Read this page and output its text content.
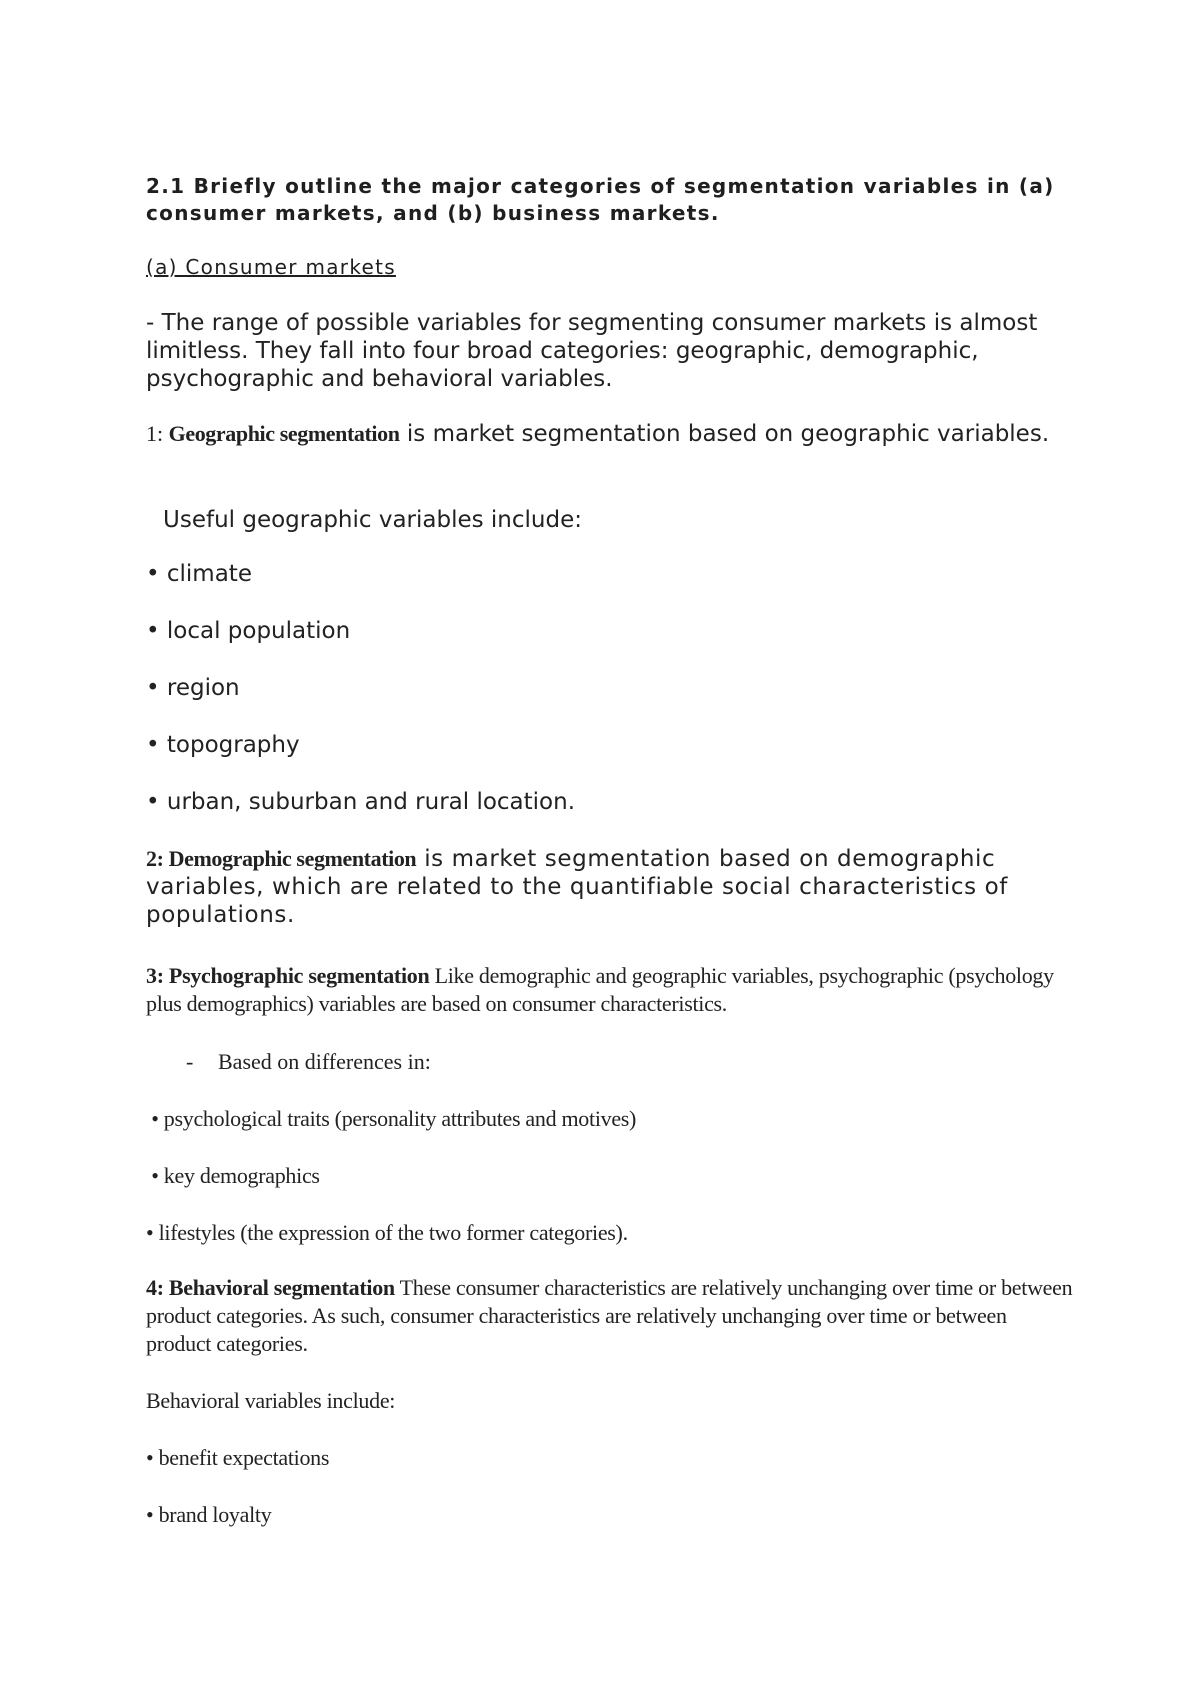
2.1 Briefly outline the major categories of segmentation variables in (a) consumer markets, and (b) business markets.

(a) Consumer markets

- The range of possible variables for segmenting consumer markets is almost limitless. They fall into four broad categories: geographic, demographic, psychographic and behavioral variables.

1: Geographic segmentation is market segmentation based on geographic variables.

Useful geographic variables include:

• climate

• local population

• region

• topography

• urban, suburban and rural location.

2: Demographic segmentation is market segmentation based on demographic variables, which are related to the quantifiable social characteristics of populations.

3: Psychographic segmentation Like demographic and geographic variables, psychographic (psychology plus demographics) variables are based on consumer characteristics.

- Based on differences in:

• psychological traits (personality attributes and motives)

• key demographics

• lifestyles (the expression of the two former categories).

4: Behavioral segmentation These consumer characteristics are relatively unchanging over time or between product categories. As such, consumer characteristics are relatively unchanging over time or between product categories.

Behavioral variables include:

• benefit expectations

• brand loyalty
